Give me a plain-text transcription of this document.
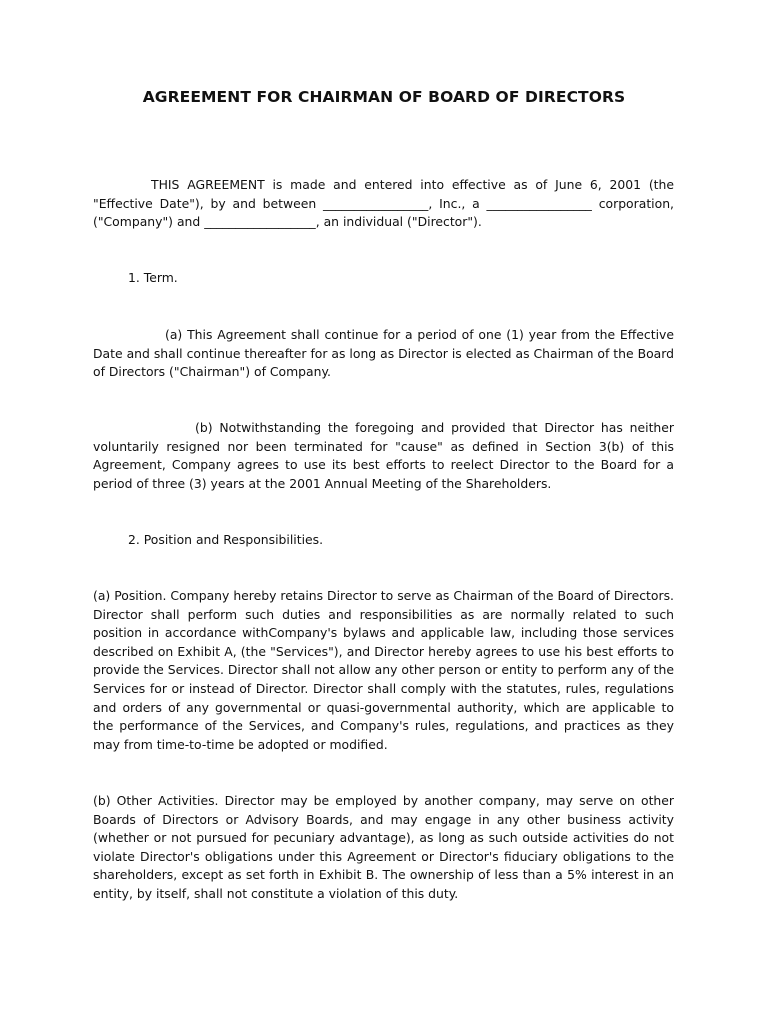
AGREEMENT FOR CHAIRMAN OF BOARD OF DIRECTORS

THIS AGREEMENT is made and entered into effective as of June 6, 2001 (the "Effective Date"), by and between _________________, Inc., a _________________ corporation, ("Company") and __________________, an individual ("Director").

1. Term.

(a) This Agreement shall continue for a period of one (1) year from the Effective Date and shall continue thereafter for as long as Director is elected as Chairman of the Board of Directors ("Chairman") of Company.

(b) Notwithstanding the foregoing and provided that Director has neither voluntarily resigned nor been terminated for "cause" as defined in Section 3(b) of this Agreement, Company agrees to use its best efforts to reelect Director to the Board for a period of three (3) years at the 2001 Annual Meeting of the Shareholders.

2. Position and Responsibilities.

(a) Position. Company hereby retains Director to serve as Chairman of the Board of Directors. Director shall perform such duties and responsibilities as are normally related to such position in accordance withCompany's bylaws and applicable law, including those services described on Exhibit A, (the "Services"), and Director hereby agrees to use his best efforts to provide the Services. Director shall not allow any other person or entity to perform any of the Services for or instead of Director. Director shall comply with the statutes, rules, regulations and orders of any governmental or quasi-governmental authority, which are applicable to the performance of the Services, and Company's rules, regulations, and practices as they may from time-to-time be adopted or modified.

(b) Other Activities. Director may be employed by another company, may serve on other Boards of Directors or Advisory Boards, and may engage in any other business activity (whether or not pursued for pecuniary advantage), as long as such outside activities do not violate Director's obligations under this Agreement or Director's fiduciary obligations to the shareholders, except as set forth in Exhibit B. The ownership of less than a 5% interest in an entity, by itself, shall not constitute a violation of this duty.
